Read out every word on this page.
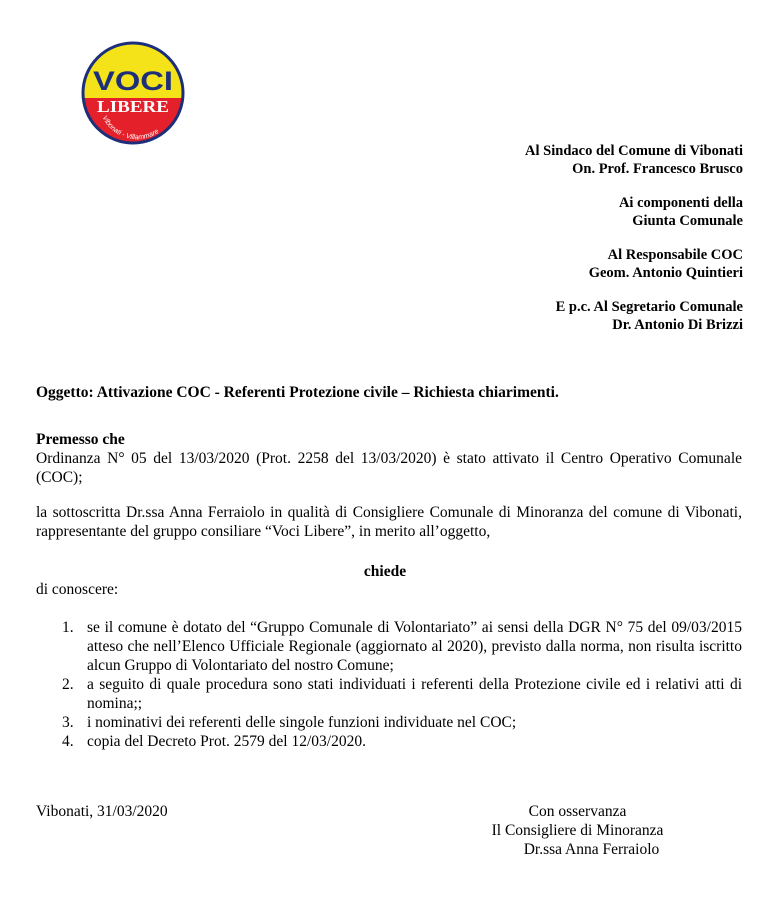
VOCI
LIBERE
Vibonati - Villammare
Al Sindaco del Comune di Vibonati
On. Prof. Francesco Brusco
Ai componenti della
Giunta Comunale
Al Responsabile COC
Geom. Antonio Quintieri
E p.c. Al Segretario Comunale
Dr. Antonio Di Brizzi
Oggetto: Attivazione COC - Referenti Protezione civile – Richiesta chiarimenti.
Premesso che

Ordinanza N° 05 del 13/03/2020 (Prot. 2258 del 13/03/2020) è stato attivato il Centro Operativo Comunale (COC);

la sottoscritta Dr.ssa Anna Ferraiolo in qualità di Consigliere Comunale di Minoranza del comune di Vibonati, rappresentante del gruppo consiliare “Voci Libere”, in merito all’oggetto,

chiede
di conoscere:
1. se il comune è dotato del “Gruppo Comunale di Volontariato” ai sensi della DGR N° 75 del 09/03/2015 atteso che nell’Elenco Ufficiale Regionale (aggiornato al 2020), previsto dalla norma, non risulta iscritto alcun Gruppo di Volontariato del nostro Comune;
2. a seguito di quale procedura sono stati individuati i referenti della Protezione civile ed i relativi atti di nomina;;
3. i nominativi dei referenti delle singole funzioni individuate nel COC;
4. copia del Decreto Prot. 2579 del 12/03/2020.
Vibonati, 31/03/2020	Con osservanza
Il Consigliere di Minoranza
Dr.ssa Anna Ferraiolo
